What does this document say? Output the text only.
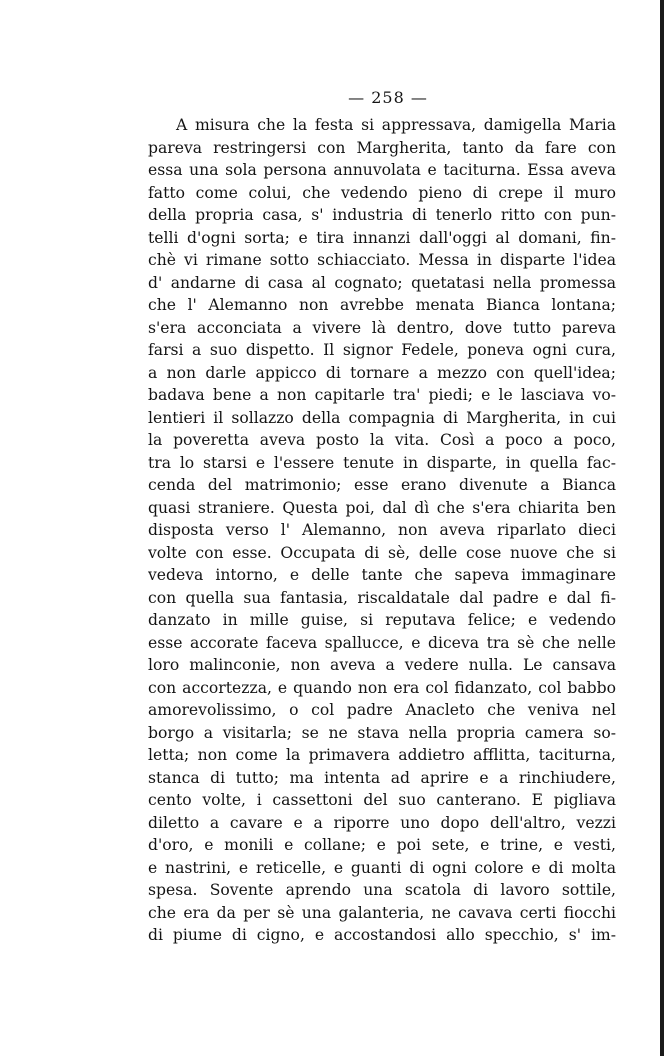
— 258 —
A misura che la festa si appressava, damigella Maria
pareva restringersi con Margherita, tanto da fare con
essa una sola persona annuvolata e taciturna. Essa aveva
fatto come colui, che vedendo pieno di crepe il muro
della propria casa, s' industria di tenerlo ritto con pun-
telli d'ogni sorta; e tira innanzi dall'oggi al domani, fin-
chè vi rimane sotto schiacciato. Messa in disparte l'idea
d' andarne di casa al cognato; quetatasi nella promessa
che l' Alemanno non avrebbe menata Bianca lontana;
s'era acconciata a vivere là dentro, dove tutto pareva
farsi a suo dispetto. Il signor Fedele, poneva ogni cura,
a non darle appicco di tornare a mezzo con quell'idea;
badava bene a non capitarle tra' piedi; e le lasciava vo-
lentieri il sollazzo della compagnia di Margherita, in cui
la poveretta aveva posto la vita. Così a poco a poco,
tra lo starsi e l'essere tenute in disparte, in quella fac-
cenda del matrimonio; esse erano divenute a Bianca
quasi straniere. Questa poi, dal dì che s'era chiarita ben
disposta verso l' Alemanno, non aveva riparlato dieci
volte con esse. Occupata di sè, delle cose nuove che si
vedeva intorno, e delle tante che sapeva immaginare
con quella sua fantasia, riscaldatale dal padre e dal fi-
danzato in mille guise, si reputava felice; e vedendo
esse accorate faceva spallucce, e diceva tra sè che nelle
loro malinconie, non aveva a vedere nulla. Le cansava
con accortezza, e quando non era col fidanzato, col babbo
amorevolissimo, o col padre Anacleto che veniva nel
borgo a visitarla; se ne stava nella propria camera so-
letta; non come la primavera addietro afflitta, taciturna,
stanca di tutto; ma intenta ad aprire e a rinchiudere,
cento volte, i cassettoni del suo canterano. E pigliava
diletto a cavare e a riporre uno dopo dell'altro, vezzi
d'oro, e monili e collane; e poi sete, e trine, e vesti,
e nastrini, e reticelle, e guanti di ogni colore e di molta
spesa. Sovente aprendo una scatola di lavoro sottile,
che era da per sè una galanteria, ne cavava certi fiocchi
di piume di cigno, e accostandosi allo specchio, s' im-
